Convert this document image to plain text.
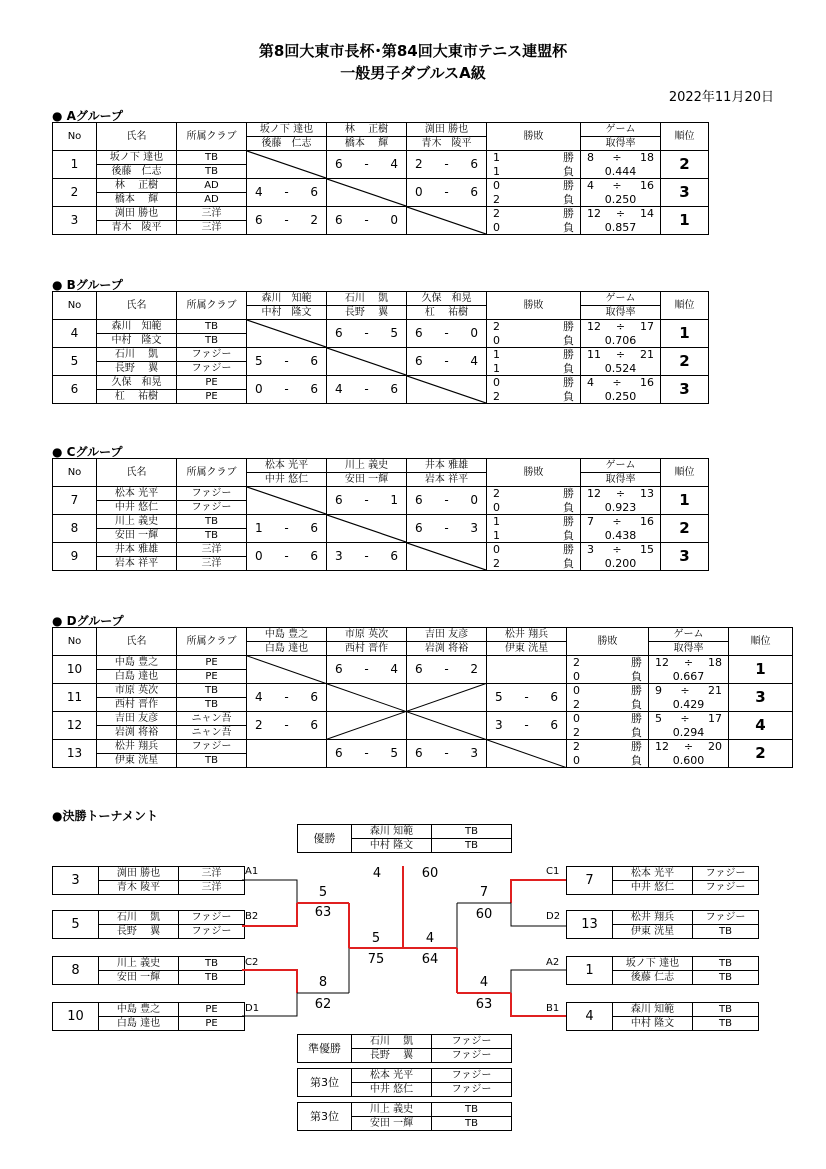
第8回大東市長杯･第84回大東市テニス連盟杯
一般男子ダブルスA級
2022年11月20日
● Aグループ
No	氏名	所属クラブ	坂ノ下 達也	林　 正樹	渕田 勝也	勝敗	ゲーム	順位
			後藤　仁志	橋本　 輝	青木　陵平		取得率	
1	坂ノ下 達也	TB		6 - 4	2 - 6	1 勝	8 ÷ 18	2
	後藤　仁志	TB				1 負	0.444	
2	林　 正樹	AD	4 - 6		0 - 6	0 勝	4 ÷ 16	3
	橋本　 輝	AD				2 負	0.250	
3	渕田 勝也	三洋	6 - 2	6 - 0		2 勝	12 ÷ 14	1
	青木　陵平	三洋				0 負	0.857	
● Bグループ
No	氏名	所属クラブ	森川　知範	石川　 凱	久保　和晃	勝敗	ゲーム	順位
			中村　隆文	長野　 翼	杠　 祐樹		取得率	
4	森川　知範	TB		6 - 5	6 - 0	2 勝	12 ÷ 17	1
	中村　隆文	TB				0 負	0.706	
5	石川　 凱	ファジー	5 - 6		6 - 4	1 勝	11 ÷ 21	2
	長野　 翼	ファジー				1 負	0.524	
6	久保　和晃	PE	0 - 6	4 - 6		0 勝	4 ÷ 16	3
	杠　 祐樹	PE				2 負	0.250	
● Cグループ
No	氏名	所属クラブ	松本 光平	川上 義史	井本 雅雄	勝敗	ゲーム	順位
			中井 悠仁	安田 一輝	岩本 祥平		取得率	
7	松本 光平	ファジー		6 - 1	6 - 0	2 勝	12 ÷ 13	1
	中井 悠仁	ファジー				0 負	0.923	
8	川上 義史	TB	1 - 6		6 - 3	1 勝	7 ÷ 16	2
	安田 一輝	TB				1 負	0.438	
9	井本 雅雄	三洋	0 - 6	3 - 6		0 勝	3 ÷ 15	3
	岩本 祥平	三洋				2 負	0.200	
● Dグループ
No	氏名	所属クラブ	中島 豊之	市原 英次	吉田 友彦	松井 翔兵	勝敗	ゲーム	順位
			白島 達也	西村 晋作	岩渕 将裕	伊東 洸星		取得率	
10	中島 豊之	PE		6 - 4	6 - 2		2 勝	12 ÷ 18	1
	白島 達也	PE					0 負	0.667	
11	市原 英次	TB	4 - 6			5 - 6	0 勝	9 ÷ 21	3
	西村 晋作	TB					2 負	0.429	
12	吉田 友彦	ニャン吾	2 - 6			3 - 6	0 勝	5 ÷ 17	4
	岩渕 将裕	ニャン吾					2 負	0.294	
13	松井 翔兵	ファジー		6 - 5	6 - 3		2 勝	12 ÷ 20	2
	伊東 洸星	TB					0 負	0.600	
●決勝トーナメント
3	渕田 勝也	三洋
	青木 陵平	三洋
5	石川　 凱	ファジー
	長野　 翼	ファジー
8	川上 義史	TB
	安田 一輝	TB
10	中島 豊之	PE
	白島 達也	PE
7	松本 光平	ファジー
	中井 悠仁	ファジー
13	松井 翔兵	ファジー
	伊東 洸星	TB
1	坂ノ下 達也	TB
	後藤 仁志	TB
4	森川 知範	TB
	中村 隆文	TB
A1
B2
C2
D1
C1
D2
A2
B1
5
63
8
62
5
75
4
64
7
60
4
63
4	60
優勝	森川 知範	TB
	中村 隆文	TB
準優勝	石川　 凱	ファジー
	長野　 翼	ファジー
第3位	松本 光平	ファジー
	中井 悠仁	ファジー
第3位	川上 義史	TB
	安田 一輝	TB
